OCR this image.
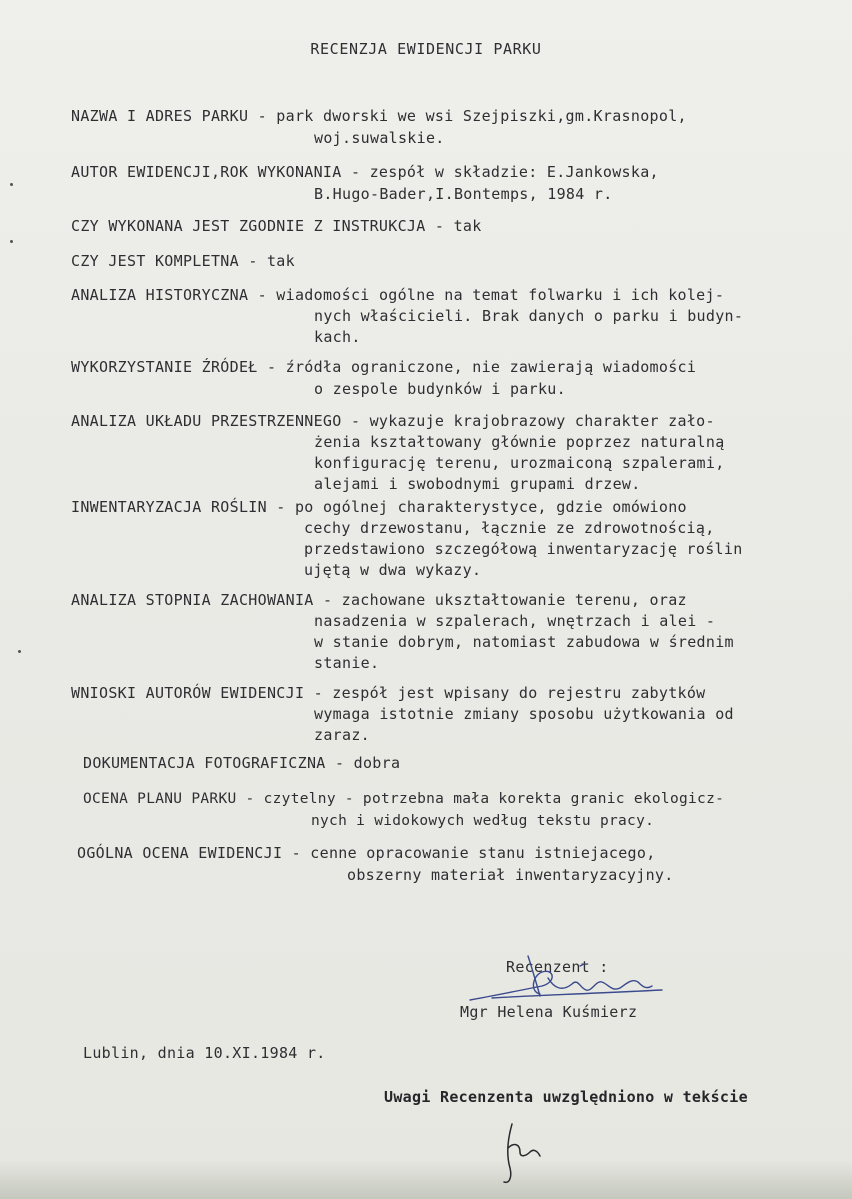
RECENZJA EWIDENCJI PARKU
NAZWA I ADRES PARKU - park dworski we wsi Szejpiszki,gm.Krasnopol,
woj.suwalskie.
AUTOR EWIDENCJI,ROK WYKONANIA - zespół w składzie: E.Jankowska,
B.Hugo-Bader,I.Bontemps, 1984 r.
CZY WYKONANA JEST ZGODNIE Z INSTRUKCJA - tak
CZY JEST KOMPLETNA - tak
ANALIZA HISTORYCZNA - wiadomości ogólne na temat folwarku i ich kolej-
nych właścicieli. Brak danych o parku i budyn-
kach.
WYKORZYSTANIE ŹRÓDEŁ - źródła ograniczone, nie zawierają wiadomości
o zespole budynków i parku.
ANALIZA UKŁADU PRZESTRZENNEGO - wykazuje krajobrazowy charakter zało-
żenia kształtowany głównie poprzez naturalną
konfigurację terenu, urozmaiconą szpalerami,
alejami i swobodnymi grupami drzew.
INWENTARYZACJA ROŚLIN - po ogólnej charakterystyce, gdzie omówiono
cechy drzewostanu, łącznie ze zdrowotnością,
przedstawiono szczegółową inwentaryzację roślin
ujętą w dwa wykazy.
ANALIZA STOPNIA ZACHOWANIA - zachowane ukształtowanie terenu, oraz
nasadzenia w szpalerach, wnętrzach i alei -
w stanie dobrym, natomiast zabudowa w średnim
stanie.
WNIOSKI AUTORÓW EWIDENCJI - zespół jest wpisany do rejestru zabytków
wymaga istotnie zmiany sposobu użytkowania od
zaraz.
DOKUMENTACJA FOTOGRAFICZNA - dobra
OCENA PLANU PARKU - czytelny - potrzebna mała korekta granic ekologicz-
nych i widokowych według tekstu pracy.
OGÓLNA OCENA EWIDENCJI - cenne opracowanie stanu istniejacego,
obszerny materiał inwentaryzacyjny.
Recenzent :
Mgr Helena Kuśmierz
Lublin, dnia 10.XI.1984 r.
Uwagi Recenzenta uwzględniono w tekście
